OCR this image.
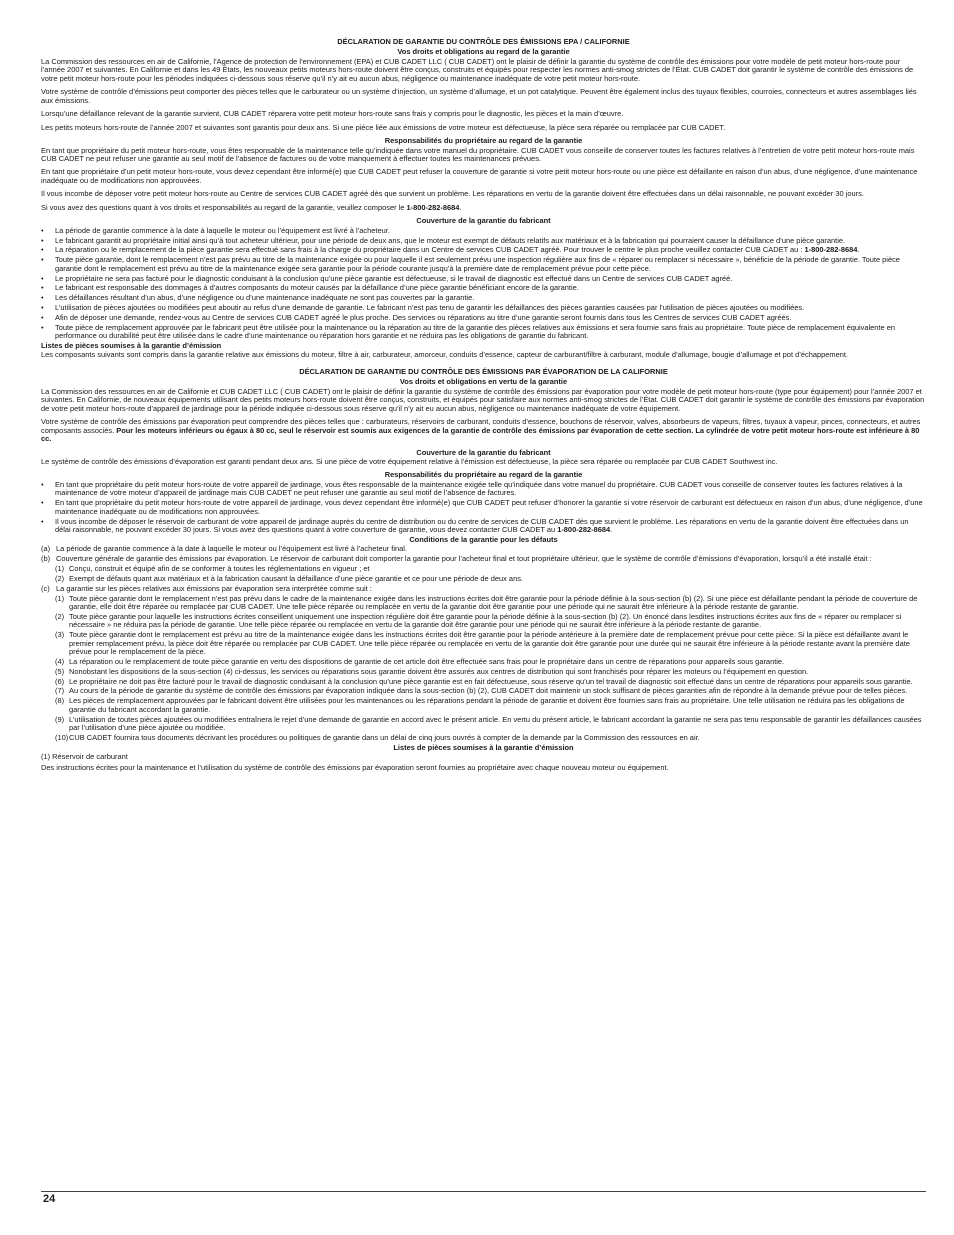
DÉCLARATION DE GARANTIE DU CONTRÔLE DES ÉMISSIONS EPA / CALIFORNIE
Vos droits et obligations au regard de la garantie

La Commission des ressources en air de Californie, l’Agence de protection de l’environnement (EPA) et CUB CADET LLC ( CUB CADET) ont le plaisir de définir la garantie du système de contrôle des émissions pour votre modèle de petit moteur hors-route pour l’année 2007 et suivantes. En Californie et dans les 49 États, les nouveaux petits moteurs hors-route doivent être conçus, construits et équipés pour respecter les normes anti-smog strictes de l’État. CUB CADET doit garantir le système de contrôle des émissions de votre petit moteur hors-route pour les périodes indiquées ci-dessous sous réserve qu’il n’y ait eu aucun abus, négligence ou maintenance inadéquate de votre petit moteur hors-route.

Votre système de contrôle d’émissions peut comporter des pièces telles que le carburateur ou un système d’injection, un système d’allumage, et un pot catalytique. Peuvent être également inclus des tuyaux flexibles, courroies, connecteurs et autres assemblages liés aux émissions.

Lorsqu’une défaillance relevant de la garantie survient, CUB CADET réparera votre petit moteur hors-route sans frais y compris pour le diagnostic, les pièces et la main d’œuvre.

Les petits moteurs hors-route de l’année 2007 et suivantes sont garantis pour deux ans. Si une pièce liée aux émissions de votre moteur est défectueuse, la pièce sera réparée ou remplacée par CUB CADET.

Responsabilités du propriétaire au regard de la garantie

En tant que propriétaire du petit moteur hors-route, vous êtes responsable de la maintenance telle qu’indiquée dans votre manuel du propriétaire. CUB CADET vous conseille de conserver toutes les factures relatives à l’entretien de votre petit moteur hors-route mais CUB CADET ne peut refuser une garantie au seul motif de l’absence de factures ou de votre manquement à effectuer toutes les maintenances prévues.

En tant que propriétaire d’un petit moteur hors-route, vous devez cependant être informé(e) que CUB CADET peut refuser la couverture de garantie si votre petit moteur hors-route ou une pièce est défaillante en raison d’un abus, d’une négligence, d’une maintenance inadéquate ou de modifications non approuvées.

Il vous incombe de déposer votre petit moteur hors-route au Centre de services CUB CADET agréé dès que survient un problème. Les réparations en vertu de la garantie doivent être effectuées dans un délai raisonnable, ne pouvant excéder 30 jours.

Si vous avez des questions quant à vos droits et responsabilités au regard de la garantie, veuillez composer le 1-800-282-8684.

Couverture de la garantie du fabricant
• La période de garantie commence à la date à laquelle le moteur ou l’équipement est livré à l’acheteur.
• Le fabricant garantit au propriétaire initial ainsi qu’à tout acheteur ultérieur, pour une période de deux ans, que le moteur est exempt de défauts relatifs aux matériaux et à la fabrication qui pourraient causer la défaillance d’une pièce garantie.
• La réparation ou le remplacement de la pièce garantie sera effectué sans frais à la charge du propriétaire dans un Centre de services CUB CADET agréé. Pour trouver le centre le plus proche veuillez contacter CUB CADET au : 1-800-282-8684.
• Toute pièce garantie, dont le remplacement n’est pas prévu au titre de la maintenance exigée ou pour laquelle il est seulement prévu une inspection régulière aux fins de « réparer ou remplacer si nécessaire », bénéficie de la période de garantie. Toute pièce garantie dont le remplacement est prévu au titre de la maintenance exigée sera garantie pour la période courante jusqu’à la première date de remplacement prévue pour cette pièce.
• Le propriétaire ne sera pas facturé pour le diagnostic conduisant à la conclusion qu’une pièce garantie est défectueuse, si le travail de diagnostic est effectué dans un Centre de services CUB CADET agréé.
• Le fabricant est responsable des dommages à d’autres composants du moteur causés par la défaillance d’une pièce garantie bénéficiant encore de la garantie.
• Les défaillances résultant d’un abus, d’une négligence ou d’une maintenance inadéquate ne sont pas couvertes par la garantie.
• L’utilisation de pièces ajoutées ou modifiées peut aboutir au refus d’une demande de garantie. Le fabricant n’est pas tenu de garantir les défaillances des pièces garanties causées par l’utilisation de pièces ajoutées ou modifiées.
• Afin de déposer une demande, rendez-vous au Centre de services CUB CADET agréé le plus proche. Des services ou réparations au titre d’une garantie seront fournis dans tous les Centres de services CUB CADET agréés.
• Toute pièce de remplacement approuvée par le fabricant peut être utilisée pour la maintenance ou la réparation au titre de la garantie des pièces relatives aux émissions et sera fournie sans frais au propriétaire. Toute pièce de remplacement équivalente en performance ou durabilité peut être utilisée dans le cadre d’une maintenance ou réparation hors garantie et ne réduira pas les obligations de garantie du fabricant.
Listes de pièces soumises à la garantie d’émission

Les composants suivants sont compris dans la garantie relative aux émissions du moteur, filtre à air, carburateur, amorceur, conduits d’essence, capteur de carburant/filtre à carburant, module d’allumage, bougie d’allumage et pot d’échappement.

DÉCLARATION DE GARANTIE DU CONTRÔLE DES ÉMISSIONS PAR ÉVAPORATION DE LA CALIFORNIE
Vos droits et obligations en vertu de la garantie

La Commission des ressources en air de Californie et CUB CADET LLC ( CUB CADET) ont le plaisir de définir la garantie du système de contrôle des émissions par évaporation pour votre modèle de petit moteur hors-route (type pour équipement) pour l’année 2007 et suivantes. En Californie, de nouveaux équipements utilisant des petits moteurs hors-route doivent être conçus, construits, et équipés pour satisfaire aux normes anti-smog strictes de l’État. CUB CADET doit garantir le système de contrôle des émissions par évaporation de votre petit moteur hors-route d’appareil de jardinage pour la période indiquée ci-dessous sous réserve qu’il n’y ait eu aucun abus, négligence ou maintenance inadéquate de votre équipement.

Votre système de contrôle des émissions par évaporation peut comprendre des pièces telles que : carburateurs, réservoirs de carburant, conduits d’essence, bouchons de réservoir, valves, absorbeurs de vapeurs, filtres, tuyaux à vapeur, pinces, connecteurs, et autres composants associés. Pour les moteurs inférieurs ou égaux à 80 cc, seul le réservoir est soumis aux exigences de la garantie de contrôle des émissions par évaporation de cette section. La cylindrée de votre petit moteur hors-route est inférieure à 80 cc.

Couverture de la garantie du fabricant

Le système de contrôle des émissions d’évaporation est garanti pendant deux ans. Si une pièce de votre équipement relative à l’émission est défectueuse, la pièce sera réparée ou remplacée par CUB CADET Southwest inc.

Responsabilités du propriétaire au regard de la garantie
• En tant que propriétaire du petit moteur hors-route de votre appareil de jardinage, vous êtes responsable de la maintenance exigée telle qu’indiquée dans votre manuel du propriétaire. CUB CADET vous conseille de conserver toutes les factures relatives à la maintenance de votre moteur d’appareil de jardinage mais CUB CADET ne peut refuser une garantie au seul motif de l’absence de factures.
• En tant que propriétaire du petit moteur hors-route de votre appareil de jardinage, vous devez cependant être informé(e) que CUB CADET peut refuser d’honorer la garantie si votre réservoir de carburant est défectueux en raison d’un abus, d’une négligence, d’une maintenance inadéquate ou de modifications non approuvées.
• Il vous incombe de déposer le réservoir de carburant de votre appareil de jardinage auprès du centre de distribution ou du centre de services de CUB CADET dès que survient le problème. Les réparations en vertu de la garantie doivent être effectuées dans un délai raisonnable, ne pouvant excéder 30 jours. Si vous avez des questions quant à votre couverture de garantie, vous devez contacter CUB CADET au 1-800-282-8684.
Conditions de la garantie pour les défauts
(a) La période de garantie commence à la date à laquelle le moteur ou l’équipement est livré à l’acheteur final.
(b) Couverture générale de garantie des émissions par évaporation. Le réservoir de carburant doit comporter la garantie pour l’acheteur final et tout propriétaire ultérieur, que le système de contrôle d’émissions d’évaporation, lorsqu’il a été installé était :
(1) Conçu, construit et équipé afin de se conformer à toutes les réglementations en vigueur ; et
(2) Exempt de défauts quant aux matériaux et à la fabrication causant la défaillance d’une pièce garantie et ce pour une période de deux ans.
(c) La garantie sur les pièces relatives aux émissions par évaporation sera interprétée comme suit :
(1) Toute pièce garantie dont le remplacement n’est pas prévu dans le cadre de la maintenance exigée dans les instructions écrites doit être garantie pour la période définie à la sous-section (b) (2). Si une pièce est défaillante pendant la période de couverture de garantie, elle doit être réparée ou remplacée par CUB CADET. Une telle pièce réparée ou remplacée en vertu de la garantie doit être garantie pour une période qui ne saurait être inférieure à la période restante de garantie.
(2) Toute pièce garantie pour laquelle les instructions écrites conseillent uniquement une inspection régulière doit être garantie pour la période définie à la sous-section (b) (2). Un énoncé dans lesdites instructions écrites aux fins de « réparer ou remplacer si nécessaire » ne réduira pas la période de garantie. Une telle pièce réparée ou remplacée en vertu de la garantie doit être garantie pour une période qui ne saurait être inférieure à la période restante de garantie.
(3) Toute pièce garantie dont le remplacement est prévu au titre de la maintenance exigée dans les instructions écrites doit être garantie pour la période antérieure à la première date de remplacement prévue pour cette pièce. Si la pièce est défaillante avant le premier remplacement prévu, la pièce doit être réparée ou remplacée par CUB CADET. Une telle pièce réparée ou remplacée en vertu de la garantie doit être garantie pour une durée qui ne saurait être inférieure à la période restante avant la première date prévue pour le remplacement de la pièce.
(4) La réparation ou le remplacement de toute pièce garantie en vertu des dispositions de garantie de cet article doit être effectuée sans frais pour le propriétaire dans un centre de réparations pour appareils sous garantie.
(5) Nonobstant les dispositions de la sous-section (4) ci-dessus, les services ou réparations sous garantie doivent être assurés aux centres de distribution qui sont franchisés pour réparer les moteurs ou l’équipement en question.
(6) Le propriétaire ne doit pas être facturé pour le travail de diagnostic conduisant à la conclusion qu’une pièce garantie est en fait défectueuse, sous réserve qu’un tel travail de diagnostic soit effectué dans un centre de réparations pour appareils sous garantie.
(7) Au cours de la période de garantie du système de contrôle des émissions par évaporation indiquée dans la sous-section (b) (2), CUB CADET doit maintenir un stock suffisant de pièces garanties afin de répondre à la demande prévue pour de telles pièces.
(8) Les pièces de remplacement approuvées par le fabricant doivent être utilisées pour les maintenances ou les réparations pendant la période de garantie et doivent être fournies sans frais au propriétaire. Une telle utilisation ne réduira pas les obligations de garantie du fabricant accordant la garantie.
(9) L’utilisation de toutes pièces ajoutées ou modifiées entraînera le rejet d’une demande de garantie en accord avec le présent article. En vertu du présent article, le fabricant accordant la garantie ne sera pas tenu responsable de garantir les défaillances causées par l’utilisation d’une pièce ajoutée ou modifiée.
(10) CUB CADET fournira tous documents décrivant les procédures ou politiques de garantie dans un délai de cinq jours ouvrés à compter de la demande par la Commission des ressources en air.
Listes de pièces soumises à la garantie d’émission

(1) Réservoir de carburant

Des instructions écrites pour la maintenance et l’utilisation du système de contrôle des émissions par évaporation seront fournies au propriétaire avec chaque nouveau moteur ou équipement.

24
